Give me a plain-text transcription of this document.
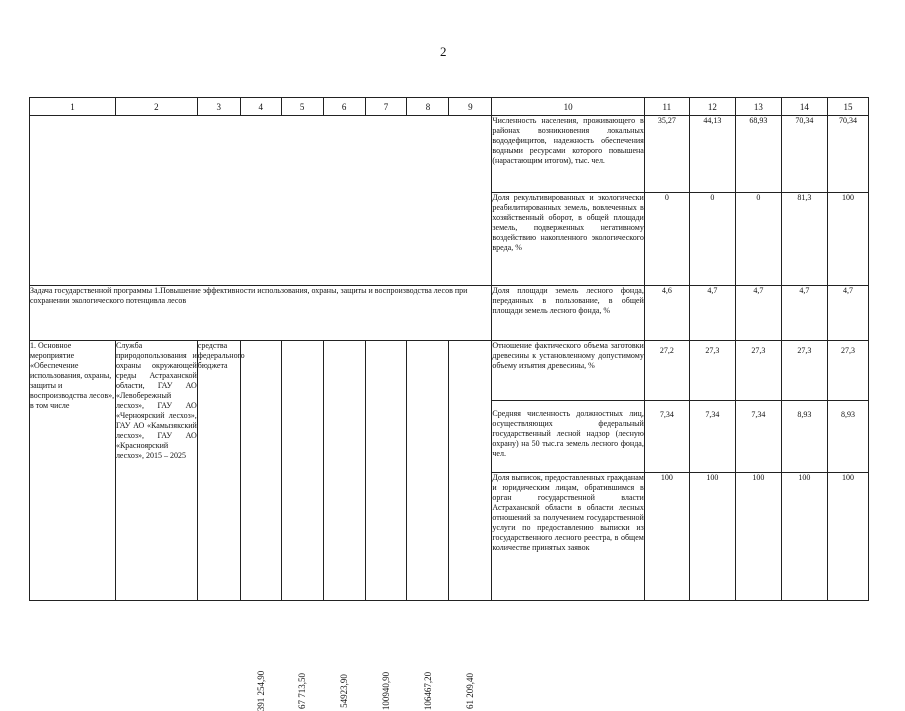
2
1	2	3	4	5	6	7	8	9	10	11	12	13	14	15
									Численность населения, проживающего в районах возникновения локальных вододефицитов, надежность обеспечения водными ресурсами которого повышена (нарастающим итогом), тыс. чел.	35,27	44,13	68,93	70,34	70,34
									Доля рекультивированных и экологически реабилитированных земель, вовлеченных в хозяйственный оборот, в общей площади земель, подверженных негативному воздействию накопленного экологического вреда, %	0	0	0	81,3	100
Задача государственной программы 1.Повышение эффективности использования, охраны, защиты и воспроизводства лесов при сохранении экологического потенцивла лесов									Доля площади земель лесного фонда, переданных в пользование, в общей площади земель лесного фонда, %	4,6	4,7	4,7	4,7	4,7
1. Основное мероприятие «Обеспечение использования, охраны, защиты и воспроизводства лесов», в том числе	Служба природопользования и охраны окружающей среды Астраханской области, ГАУ АО «Левобережный лесхоз», ГАУ АО «Черноярский лесхоз», ГАУ АО «Камызякский лесхоз», ГАУ АО «Красноярский лесхоз», 2015 – 2025	средства федерального бюджета	391 254,90	67 713,50	54923,90	100940,90	106467,20	61 209,40	Отношение фактического объема заготовки древесины к установленному допустимому объему изъятия древесины, %	27,2	27,3	27,3	27,3	27,3
									Средняя численность должностных лиц, осуществляющих федеральный государственный лесной надзор (лесную охрану) на 50 тыс.га земель лесного фонда, чел.	7,34	7,34	7,34	8,93	8,93
									Доля выписок, предоставленных гражданам и юридическим лицам, обратившимся в орган государственной власти Астраханской области в области лесных отношений за получением государственной услуги по предоставлению выписки из государственного лесного реестра, в общем количестве принятых заявок	100	100	100	100	100
